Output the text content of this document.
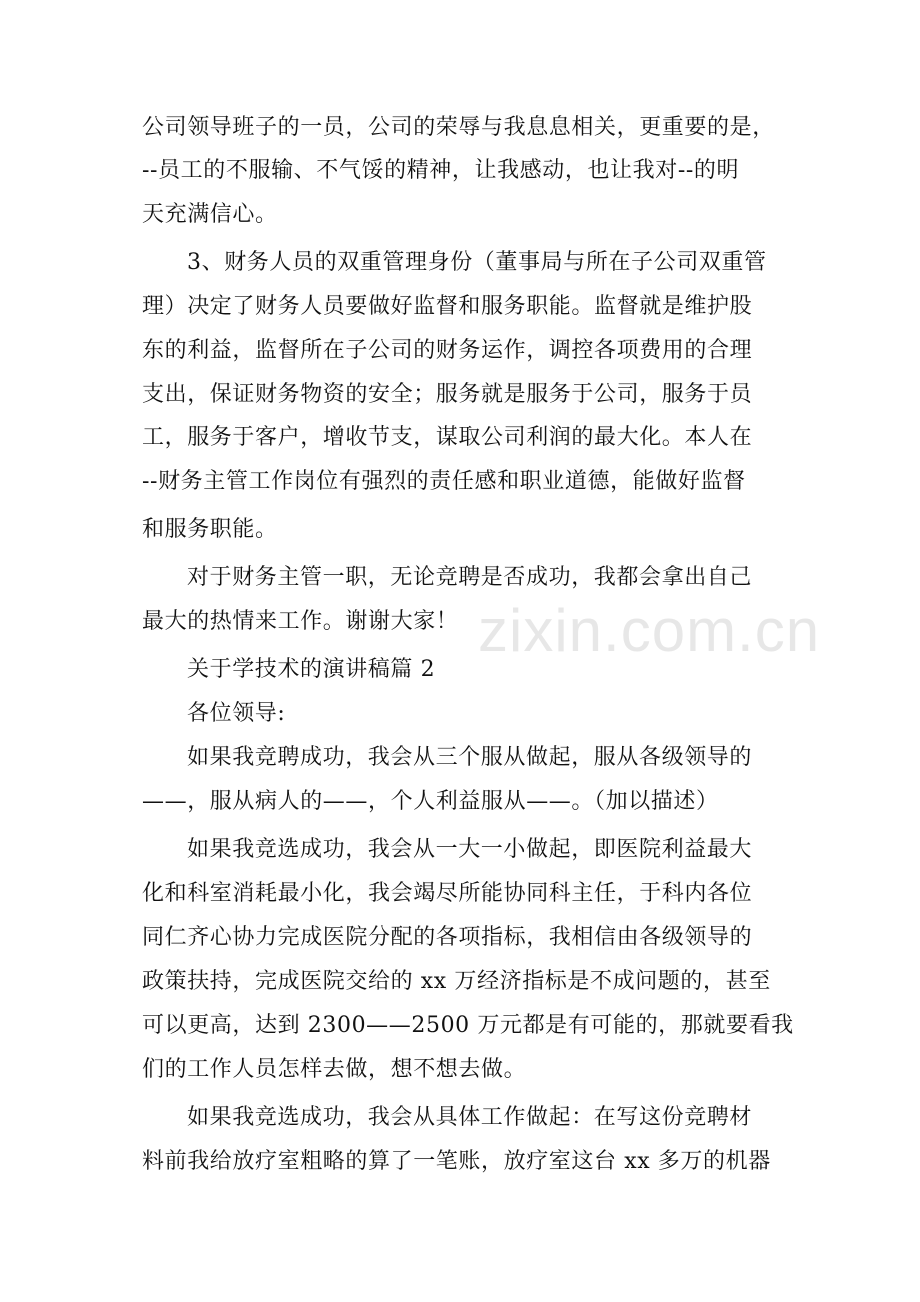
公司领导班子的一员，公司的荣辱与我息息相关，更重要的是，
--员工的不服输、不气馁的精神，让我感动，也让我对--的明
天充满信心。
3、财务人员的双重管理身份（董事局与所在子公司双重管
理）决定了财务人员要做好监督和服务职能。监督就是维护股
东的利益，监督所在子公司的财务运作，调控各项费用的合理
支出，保证财务物资的安全；服务就是服务于公司，服务于员
工，服务于客户，增收节支，谋取公司利润的最大化。本人在
--财务主管工作岗位有强烈的责任感和职业道德，能做好监督
和服务职能。
对于财务主管一职，无论竞聘是否成功，我都会拿出自己
最大的热情来工作。谢谢大家！
关于学技术的演讲稿篇 2
各位领导:
如果我竞聘成功，我会从三个服从做起，服从各级领导的
——，服从病人的——，个人利益服从——。（加以描述）
如果我竞选成功，我会从一大一小做起，即医院利益最大
化和科室消耗最小化，我会竭尽所能协同科主任，于科内各位
同仁齐心协力完成医院分配的各项指标，我相信由各级领导的
政策扶持，完成医院交给的 xx 万经济指标是不成问题的，甚至
可以更高，达到 2300——2500 万元都是有可能的，那就要看我
们的工作人员怎样去做，想不想去做。
如果我竞选成功，我会从具体工作做起：在写这份竞聘材
料前我给放疗室粗略的算了一笔账，放疗室这台 xx 多万的机器
zixin.com.cn
